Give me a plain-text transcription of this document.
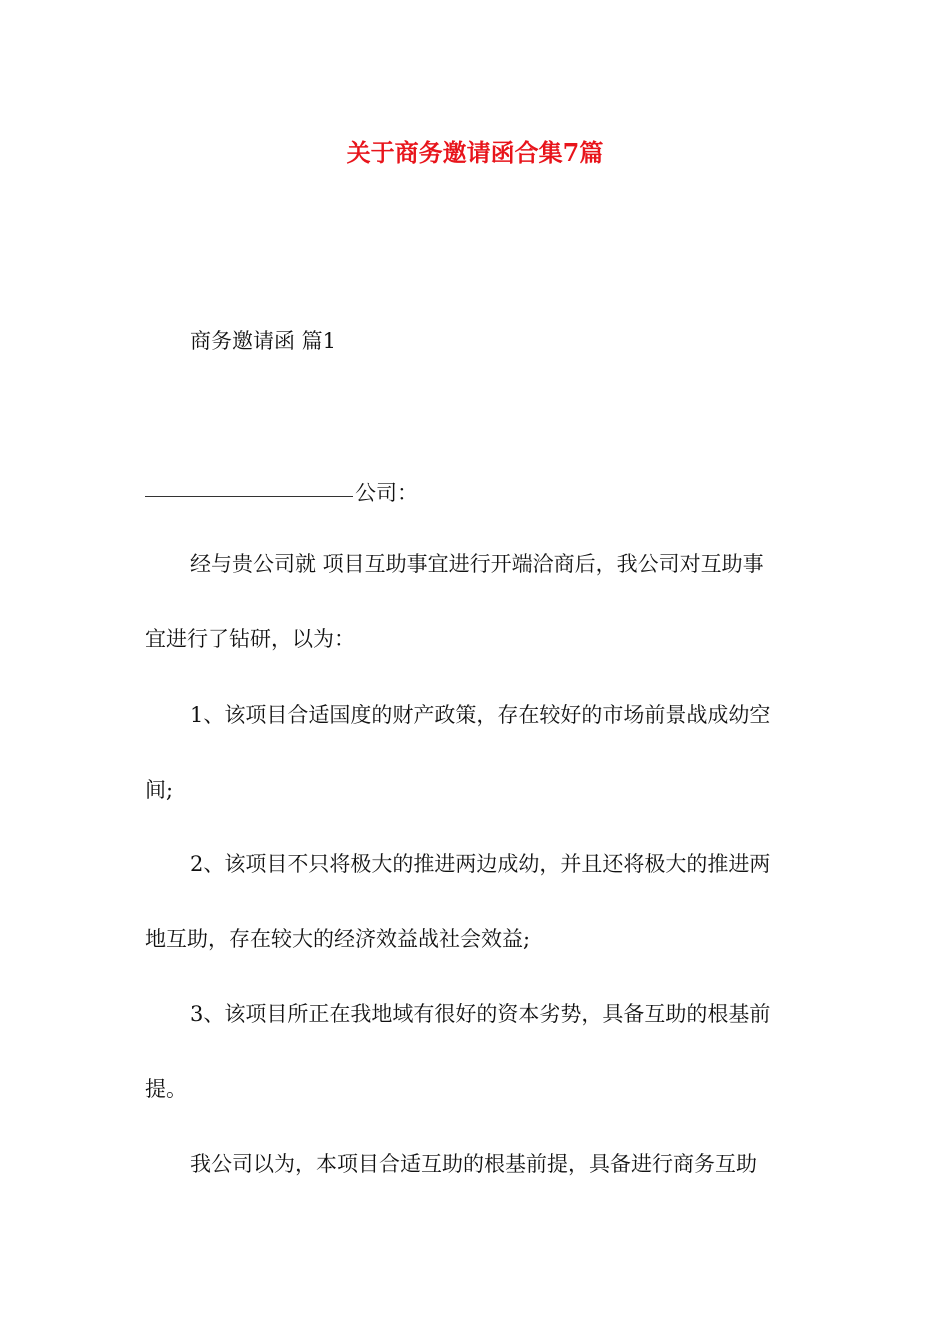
关于商务邀请函合集7篇
商务邀请函 篇1
公司：
经与贵公司就 项目互助事宜进行开端洽商后，我公司对互助事
宜进行了钻研，以为：
1、该项目合适国度的财产政策，存在较好的市场前景战成幼空
间;
2、该项目不只将极大的推进两边成幼，并且还将极大的推进两
地互助，存在较大的经济效益战社会效益;
3、该项目所正在我地域有很好的资本劣势，具备互助的根基前
提。
我公司以为，本项目合适互助的根基前提，具备进行商务互助
